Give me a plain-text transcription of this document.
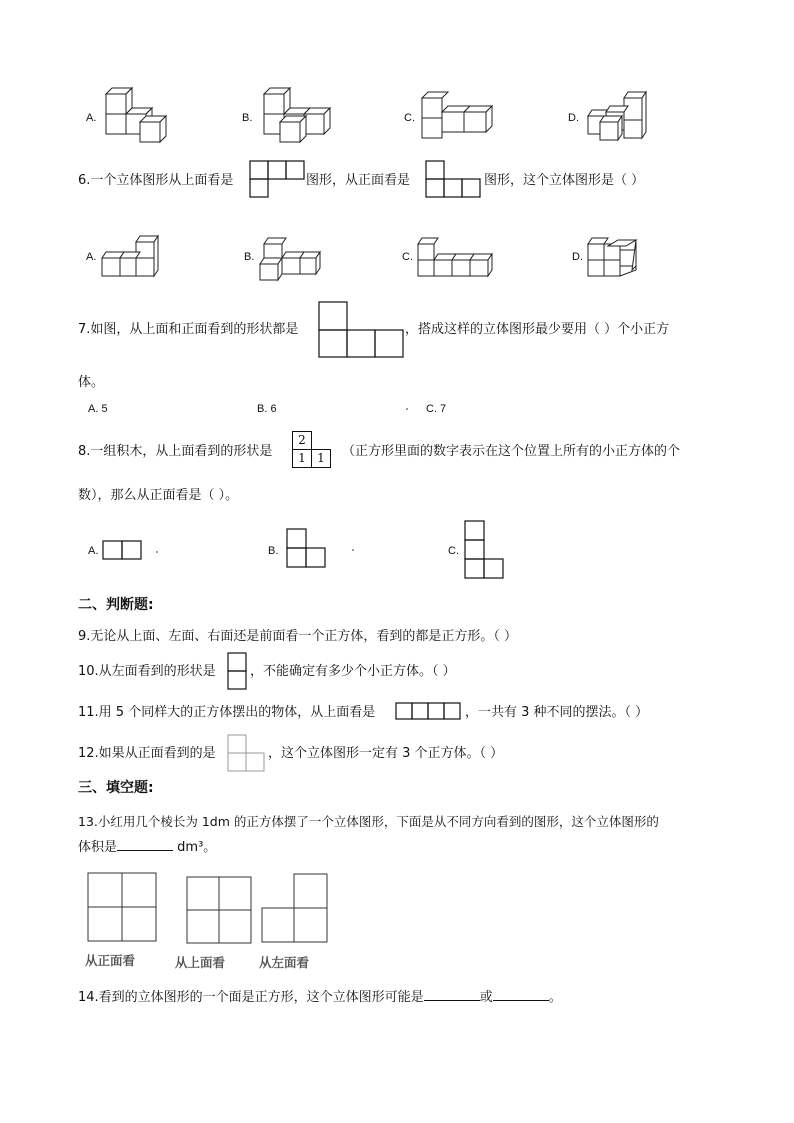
A.	B.	C.	D.
6.一个立体图形从上面看是	图形，从正面看是	图形，这个立体图形是（ ）
A.	B.	C.	D.
7.如图，从上面和正面看到的形状都是	，搭成这样的立体图形最少要用（ ）个小正方
体。
A. 5	B. 6	C. 7
8.一组积木，从上面看到的形状是
2
1 1	（正方形里面的数字表示在这个位置上所有的小正方体的个
数），那么从正面看是（ ）。
A.	B.	C.
二、判断题:
9.无论从上面、左面、右面还是前面看一个正方体，看到的都是正方形。（ ）
10.从左面看到的形状是	，不能确定有多少个小正方体。（ ）
11.用 5 个同样大的正方体摆出的物体，从上面看是	，一共有 3 种不同的摆法。（ ）
12.如果从正面看到的是	，这个立体图形一定有 3 个正方体。（ ）
三、填空题:
13.小红用几个棱长为 1dm 的正方体摆了一个立体图形，下面是从不同方向看到的图形，这个立体图形的
体积是	dm³。
从正面看	从上面看	从左面看
14.看到的立体图形的一个面是正方形，这个立体图形可能是	或	。
